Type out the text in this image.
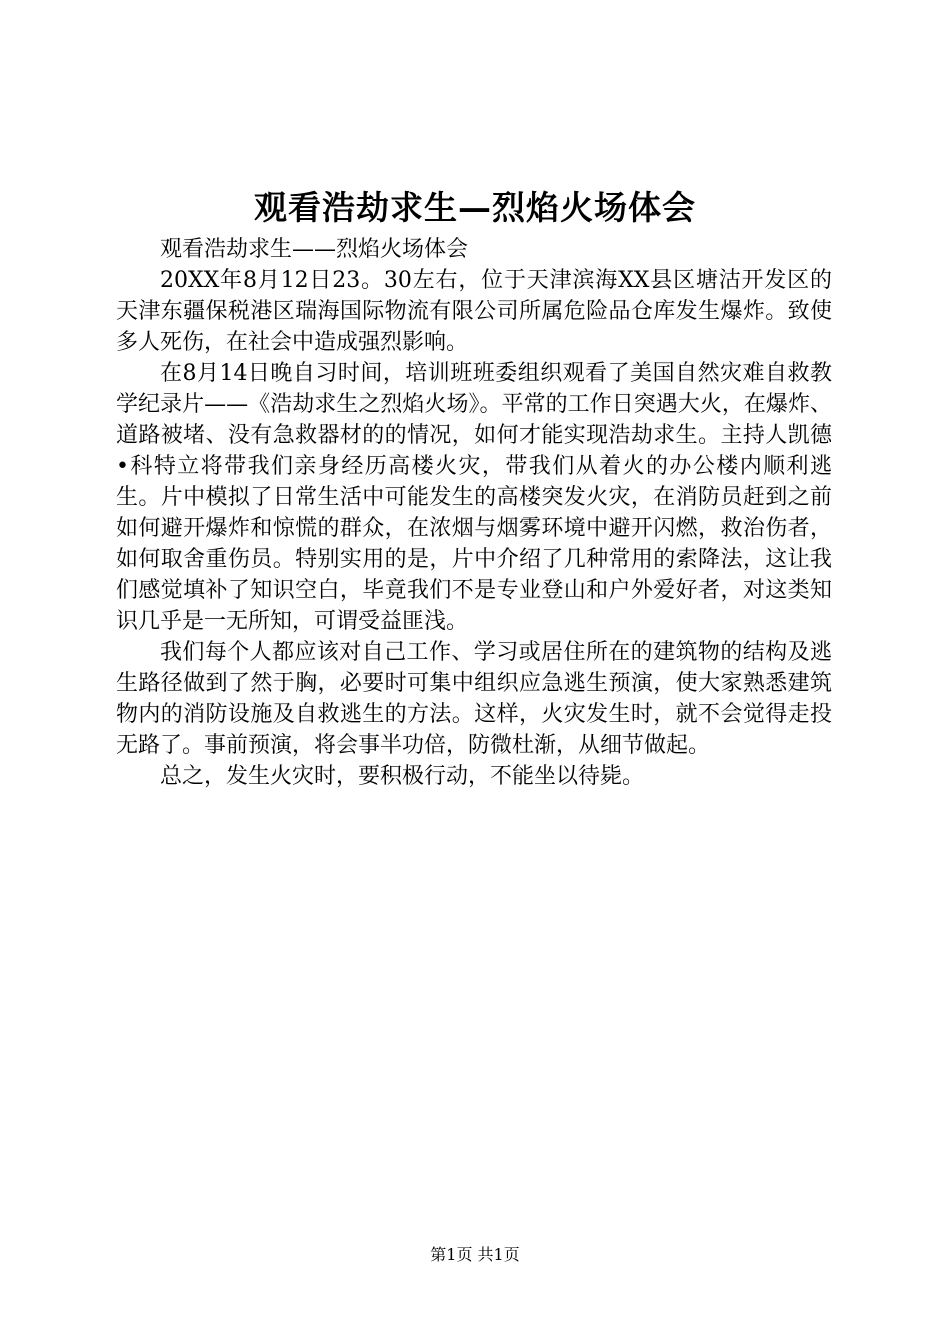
观看浩劫求生—烈焰火场体会

观看浩劫求生——烈焰火场体会

20XX年8月12日23。30左右，位于天津滨海XX县区塘沽开发区的天津东疆保税港区瑞海国际物流有限公司所属危险品仓库发生爆炸。致使多人死伤，在社会中造成强烈影响。

在8月14日晚自习时间，培训班班委组织观看了美国自然灾难自救教学纪录片——《浩劫求生之烈焰火场》。平常的工作日突遇大火，在爆炸、道路被堵、没有急救器材的的情况，如何才能实现浩劫求生。主持人凯德•科特立将带我们亲身经历高楼火灾，带我们从着火的办公楼内顺利逃生。片中模拟了日常生活中可能发生的高楼突发火灾，在消防员赶到之前如何避开爆炸和惊慌的群众，在浓烟与烟雾环境中避开闪燃，救治伤者，如何取舍重伤员。特别实用的是，片中介绍了几种常用的索降法，这让我们感觉填补了知识空白，毕竟我们不是专业登山和户外爱好者，对这类知识几乎是一无所知，可谓受益匪浅。

我们每个人都应该对自己工作、学习或居住所在的建筑物的结构及逃生路径做到了然于胸，必要时可集中组织应急逃生预演，使大家熟悉建筑物内的消防设施及自救逃生的方法。这样，火灾发生时，就不会觉得走投无路了。事前预演，将会事半功倍，防微杜渐，从细节做起。

总之，发生火灾时，要积极行动，不能坐以待毙。

第1页 共1页
